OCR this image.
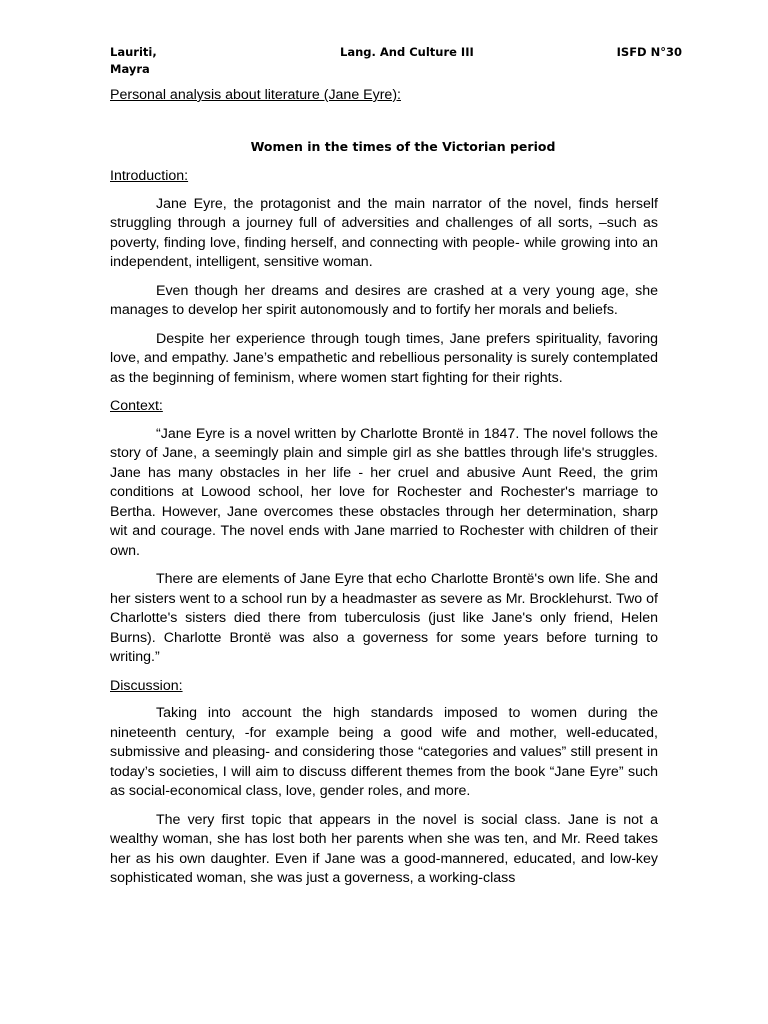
Lauriti,
Mayra
Lang. And Culture III	ISFD N°30
Personal analysis about literature (Jane Eyre):
Women in the times of the Victorian period
Introduction:

Jane Eyre, the protagonist and the main narrator of the novel, finds herself struggling through a journey full of adversities and challenges of all sorts, –such as poverty, finding love, finding herself, and connecting with people- while growing into an independent, intelligent, sensitive woman.

Even though her dreams and desires are crashed at a very young age, she manages to develop her spirit autonomously and to fortify her morals and beliefs.

Despite her experience through tough times, Jane prefers spirituality, favoring love, and empathy. Jane’s empathetic and rebellious personality is surely contemplated as the beginning of feminism, where women start fighting for their rights.

Context:

“Jane Eyre is a novel written by Charlotte Brontë in 1847. The novel follows the story of Jane, a seemingly plain and simple girl as she battles through life's struggles. Jane has many obstacles in her life - her cruel and abusive Aunt Reed, the grim conditions at Lowood school, her love for Rochester and Rochester's marriage to Bertha. However, Jane overcomes these obstacles through her determination, sharp wit and courage. The novel ends with Jane married to Rochester with children of their own.

There are elements of Jane Eyre that echo Charlotte Brontë's own life. She and her sisters went to a school run by a headmaster as severe as Mr. Brocklehurst. Two of Charlotte's sisters died there from tuberculosis (just like Jane's only friend, Helen Burns). Charlotte Brontë was also a governess for some years before turning to writing.”

Discussion:

Taking into account the high standards imposed to women during the nineteenth century, -for example being a good wife and mother, well-educated, submissive and pleasing- and considering those “categories and values” still present in today’s societies, I will aim to discuss different themes from the book “Jane Eyre” such as social-economical class, love, gender roles, and more.

The very first topic that appears in the novel is social class. Jane is not a wealthy woman, she has lost both her parents when she was ten, and Mr. Reed takes her as his own daughter. Even if Jane was a good-mannered, educated, and low-key sophisticated woman, she was just a governess, a working-class
